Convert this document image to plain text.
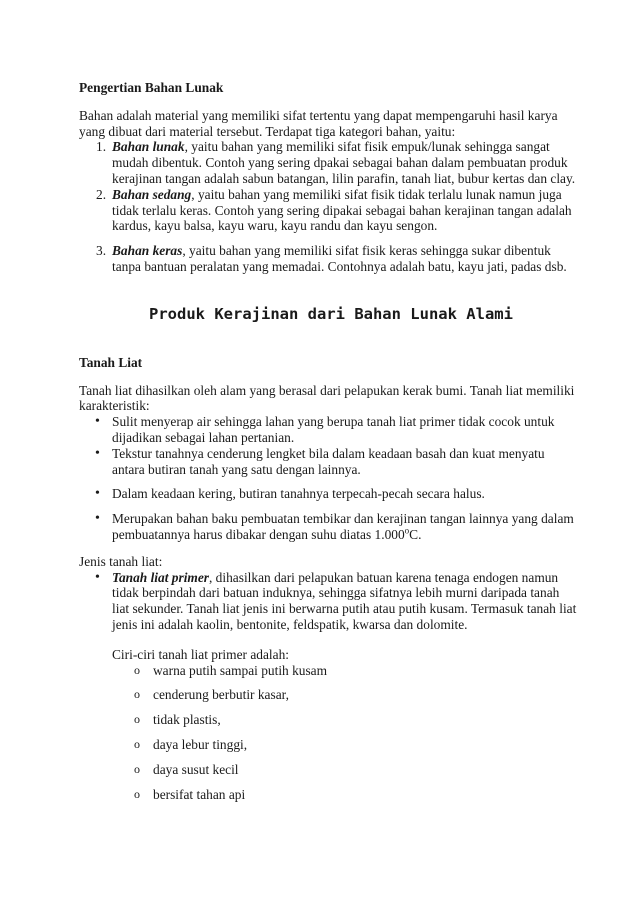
Pengertian Bahan Lunak

Bahan adalah material yang memiliki sifat tertentu yang dapat mempengaruhi hasil karya yang dibuat dari material tersebut. Terdapat tiga kategori bahan, yaitu:

1. Bahan lunak, yaitu bahan yang memiliki sifat fisik empuk/lunak sehingga sangat mudah dibentuk. Contoh yang sering dpakai sebagai bahan dalam pembuatan produk kerajinan tangan adalah sabun batangan, lilin parafin, tanah liat, bubur kertas dan clay.
2. Bahan sedang, yaitu bahan yang memiliki sifat fisik tidak terlalu lunak namun juga tidak terlalu keras. Contoh yang sering dipakai sebagai bahan kerajinan tangan adalah kardus, kayu balsa, kayu waru, kayu randu dan kayu sengon.
3. Bahan keras, yaitu bahan yang memiliki sifat fisik keras sehingga sukar dibentuk tanpa bantuan peralatan yang memadai. Contohnya adalah batu, kayu jati, padas dsb.

Produk Kerajinan dari Bahan Lunak Alami

Tanah Liat

Tanah liat dihasilkan oleh alam yang berasal dari pelapukan kerak bumi. Tanah liat memiliki karakteristik:

• Sulit menyerap air sehingga lahan yang berupa tanah liat primer tidak cocok untuk dijadikan sebagai lahan pertanian.
• Tekstur tanahnya cenderung lengket bila dalam keadaan basah dan kuat menyatu antara butiran tanah yang satu dengan lainnya.
• Dalam keadaan kering, butiran tanahnya terpecah-pecah secara halus.
• Merupakan bahan baku pembuatan tembikar dan kerajinan tangan lainnya yang dalam pembuatannya harus dibakar dengan suhu diatas 1.000$^o$C.

Jenis tanah liat:

• Tanah liat primer, dihasilkan dari pelapukan batuan karena tenaga endogen namun tidak berpindah dari batuan induknya, sehingga sifatnya lebih murni daripada tanah liat sekunder. Tanah liat jenis ini berwarna putih atau putih kusam. Termasuk tanah liat jenis ini adalah kaolin, bentonite, feldspatik, kwarsa dan dolomite.

Ciri-ciri tanah liat primer adalah:

o warna putih sampai putih kusam
o cenderung berbutir kasar,
o tidak plastis,
o daya lebur tinggi,
o daya susut kecil
o bersifat tahan api
